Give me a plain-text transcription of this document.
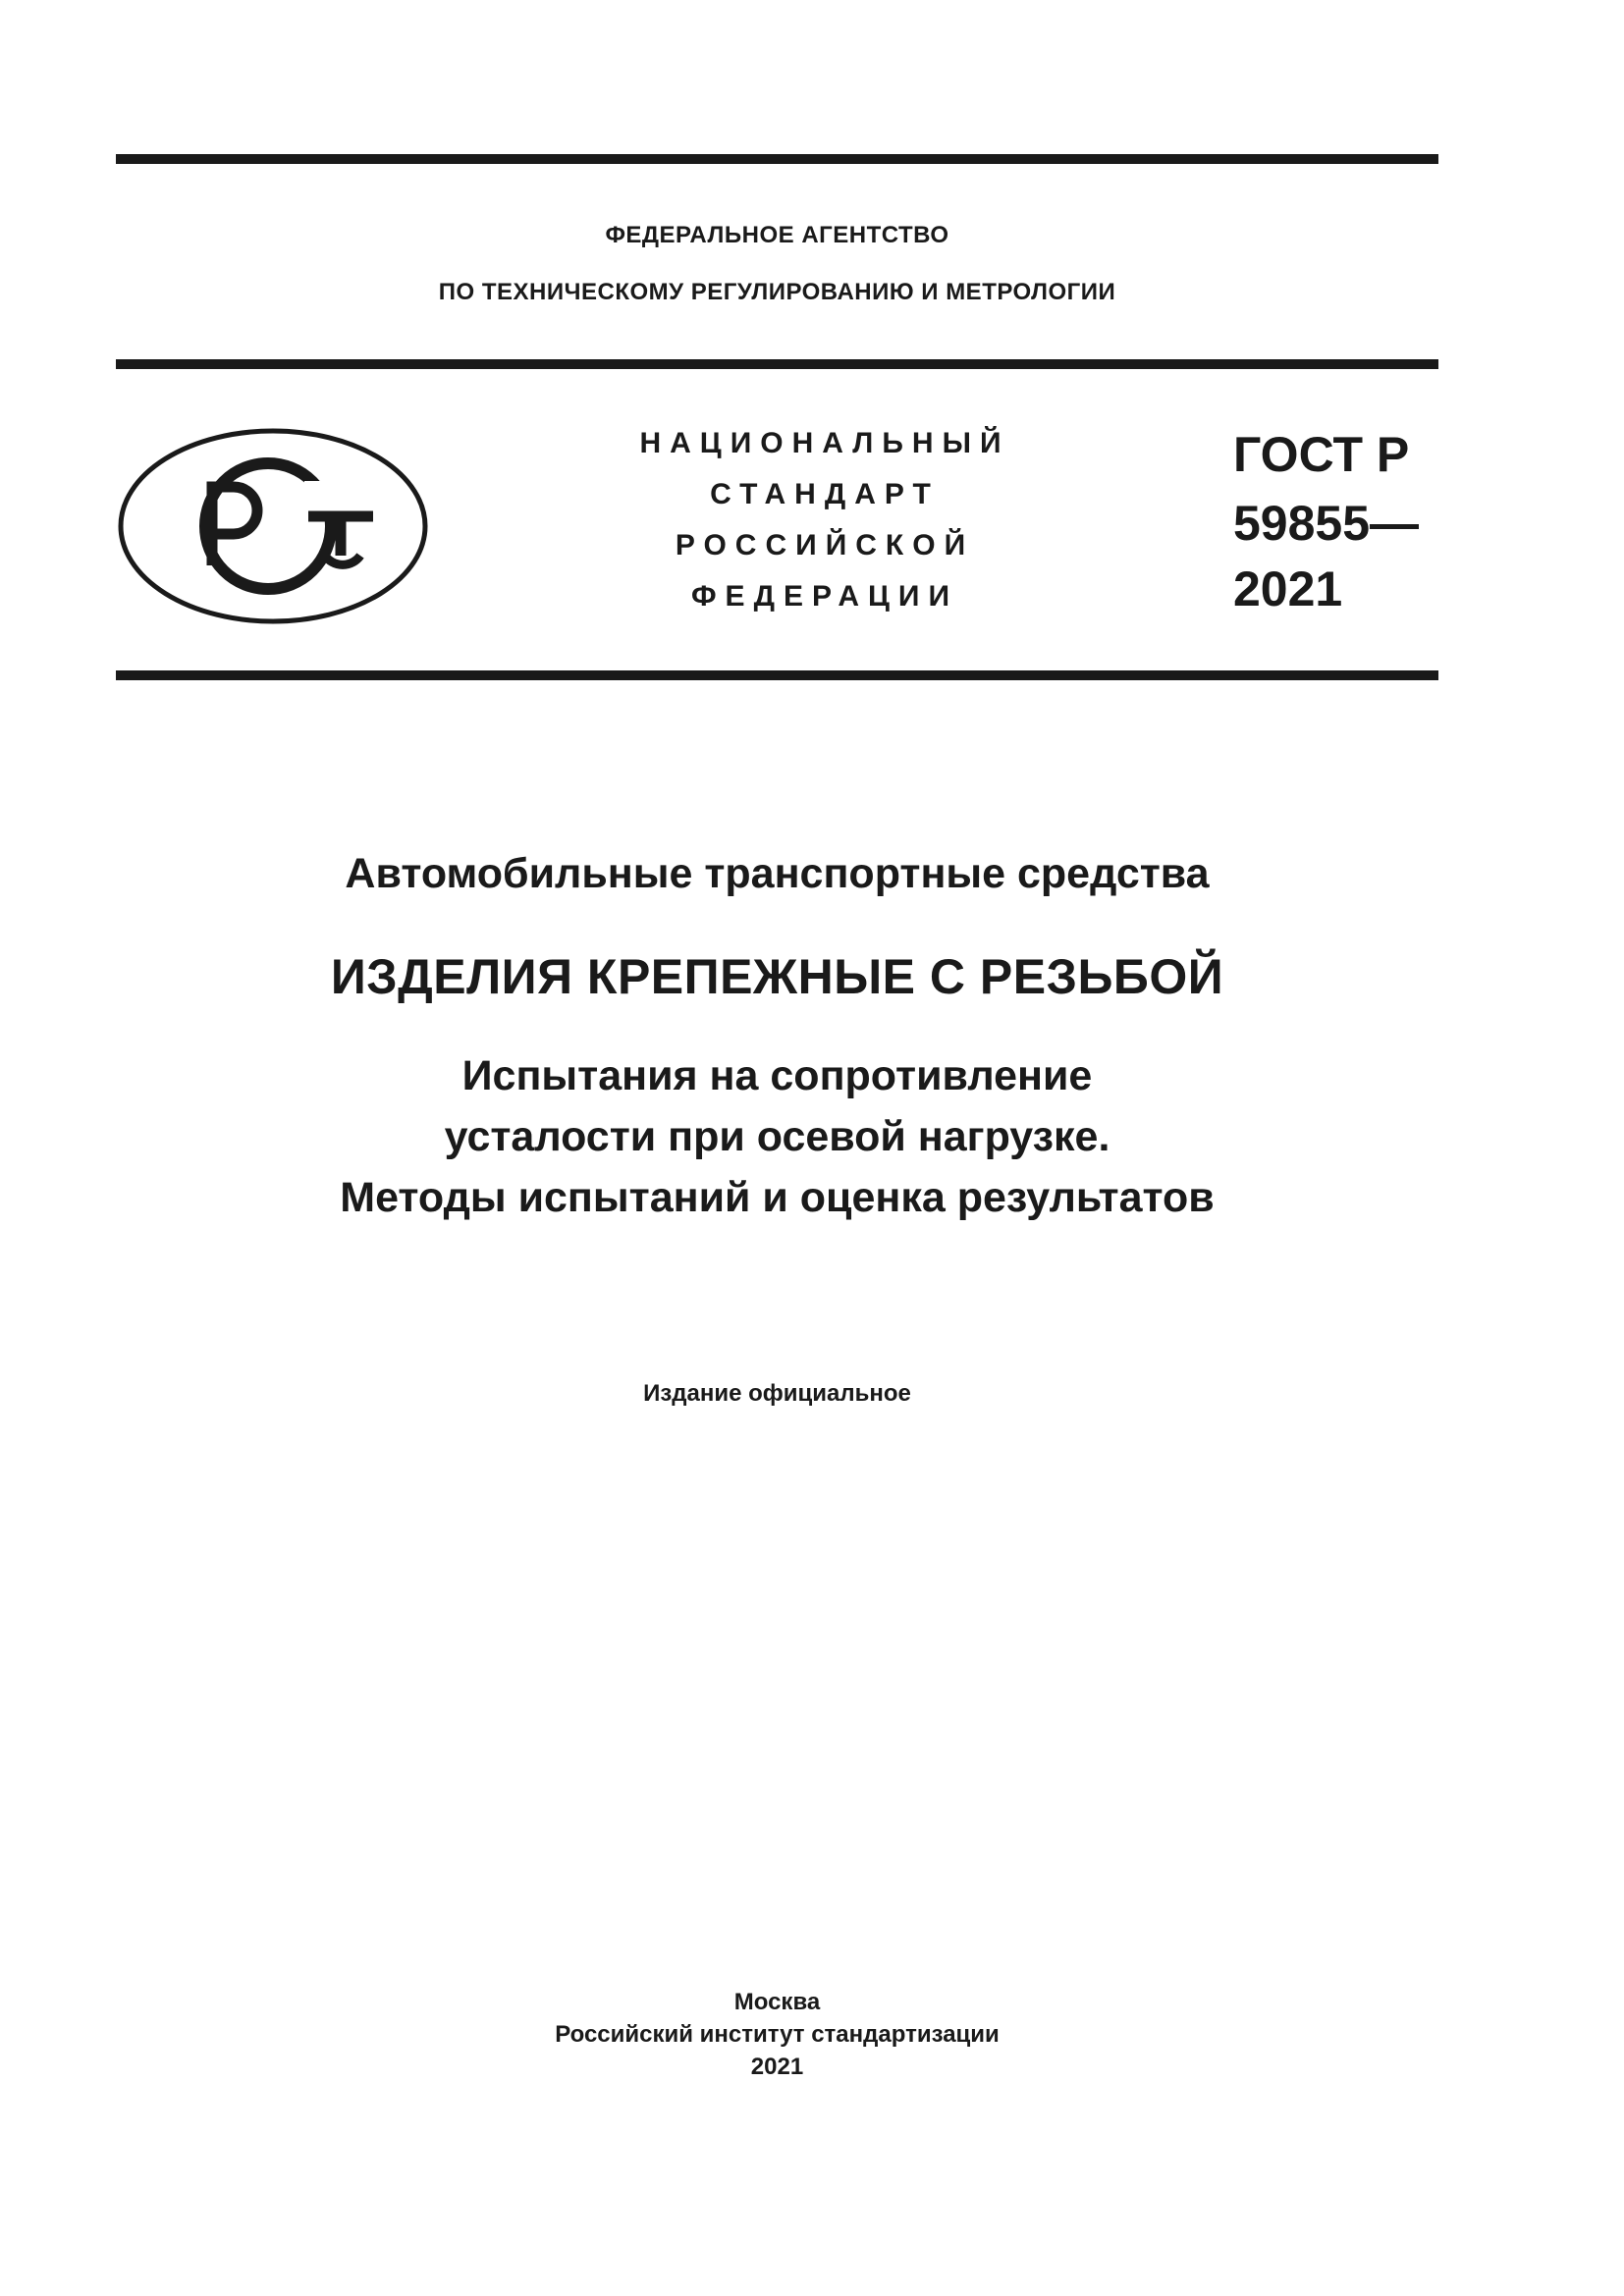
ФЕДЕРАЛЬНОЕ АГЕНТСТВО
ПО ТЕХНИЧЕСКОМУ РЕГУЛИРОВАНИЮ И МЕТРОЛОГИИ
НАЦИОНАЛЬНЫЙ
СТАНДАРТ
РОССИЙСКОЙ
ФЕДЕРАЦИИ
ГОСТ Р
59855—
2021
Автомобильные транспортные средства
ИЗДЕЛИЯ КРЕПЕЖНЫЕ С РЕЗЬБОЙ
Испытания на сопротивление
усталости при осевой нагрузке.
Методы испытаний и оценка результатов
Издание официальное
Москва
Российский институт стандартизации
2021
